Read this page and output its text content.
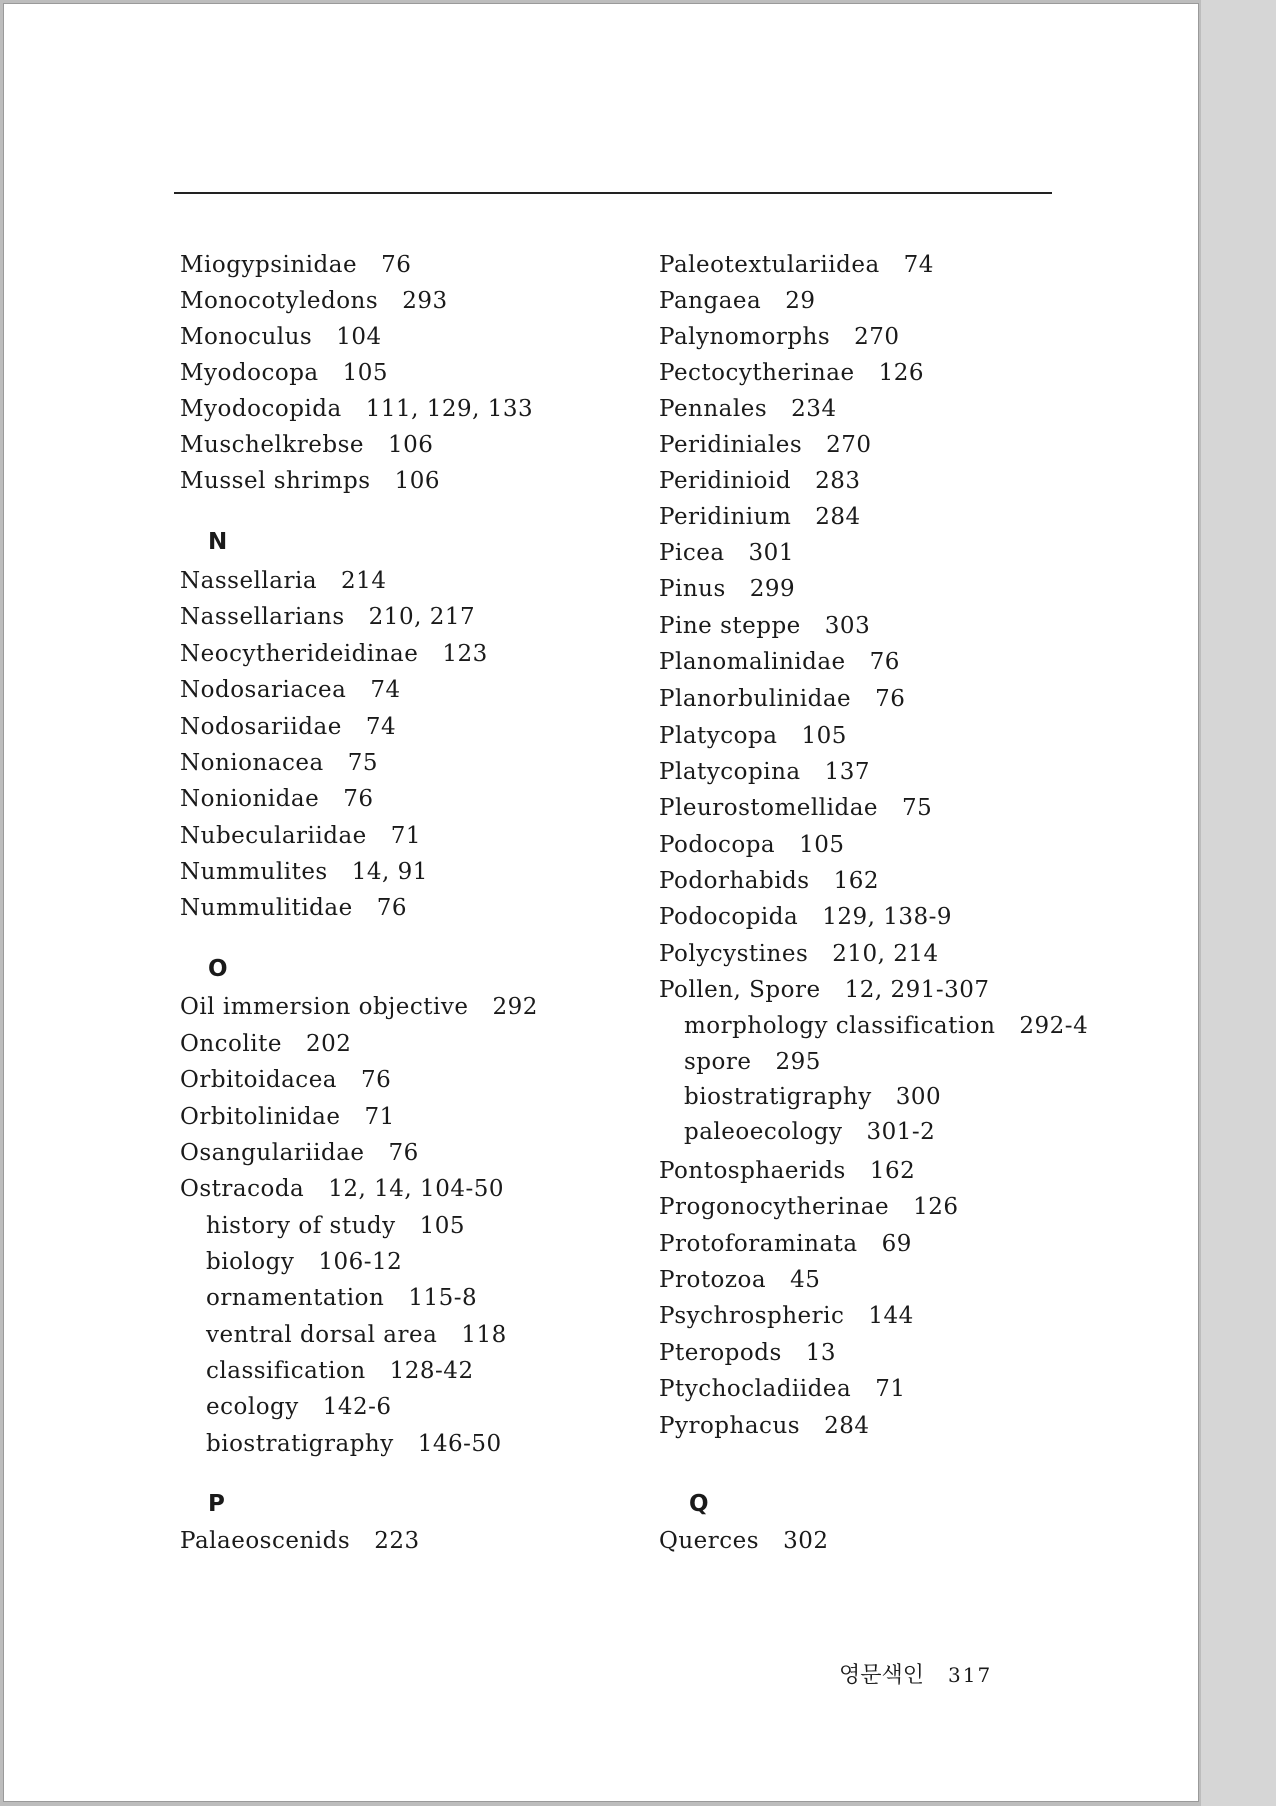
Miogypsinidae 76
Monocotyledons 293
Monoculus 104
Myodocopa 105
Myodocopida 111, 129, 133
Muschelkrebse 106
Mussel shrimps 106
N
Nassellaria 214
Nassellarians 210, 217
Neocytherideidinae 123
Nodosariacea 74
Nodosariidae 74
Nonionacea 75
Nonionidae 76
Nubeculariidae 71
Nummulites 14, 91
Nummulitidae 76
O
Oil immersion objective 292
Oncolite 202
Orbitoidacea 76
Orbitolinidae 71
Osangulariidae 76
Ostracoda 12, 14, 104-50
history of study 105
biology 106-12
ornamentation 115-8
ventral dorsal area 118
classification 128-42
ecology 142-6
biostratigraphy 146-50
P
Palaeoscenids 223
Paleotextulariidea 74
Pangaea 29
Palynomorphs 270
Pectocytherinae 126
Pennales 234
Peridiniales 270
Peridinioid 283
Peridinium 284
Picea 301
Pinus 299
Pine steppe 303
Planomalinidae 76
Planorbulinidae 76
Platycopa 105
Platycopina 137
Pleurostomellidae 75
Podocopa 105
Podorhabids 162
Podocopida 129, 138-9
Polycystines 210, 214
Pollen, Spore 12, 291-307
morphology classification 292-4
spore 295
biostratigraphy 300
paleoecology 301-2
Pontosphaerids 162
Progonocytherinae 126
Protoforaminata 69
Protozoa 45
Psychrospheric 144
Pteropods 13
Ptychocladiidea 71
Pyrophacus 284
Q
Querces 302
영문색인 317
